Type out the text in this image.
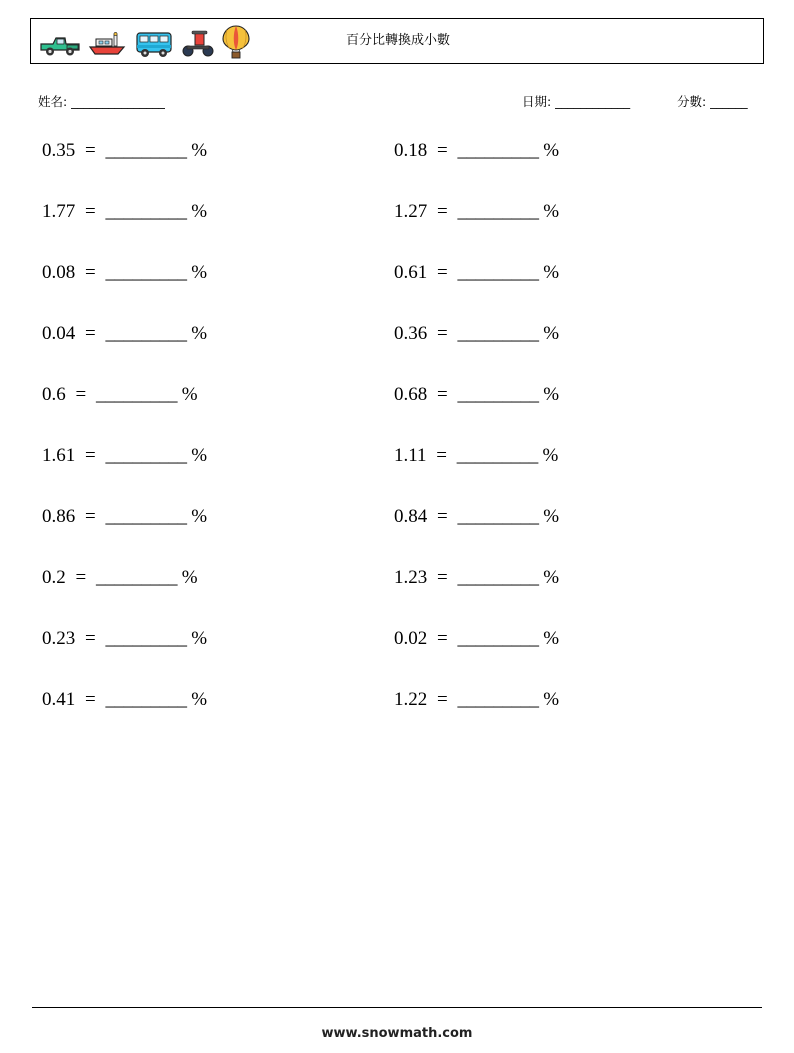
百分比轉換成小數
姓名: _______________	日期: ____________	分數: ______
0.35 = _________ %
1.77 = _________ %
0.08 = _________ %
0.04 = _________ %
0.6 = _________ %
1.61 = _________ %
0.86 = _________ %
0.2 = _________ %
0.23 = _________ %
0.41 = _________ %
0.18 = _________ %
1.27 = _________ %
0.61 = _________ %
0.36 = _________ %
0.68 = _________ %
1.11 = _________ %
0.84 = _________ %
1.23 = _________ %
0.02 = _________ %
1.22 = _________ %
www.snowmath.com
